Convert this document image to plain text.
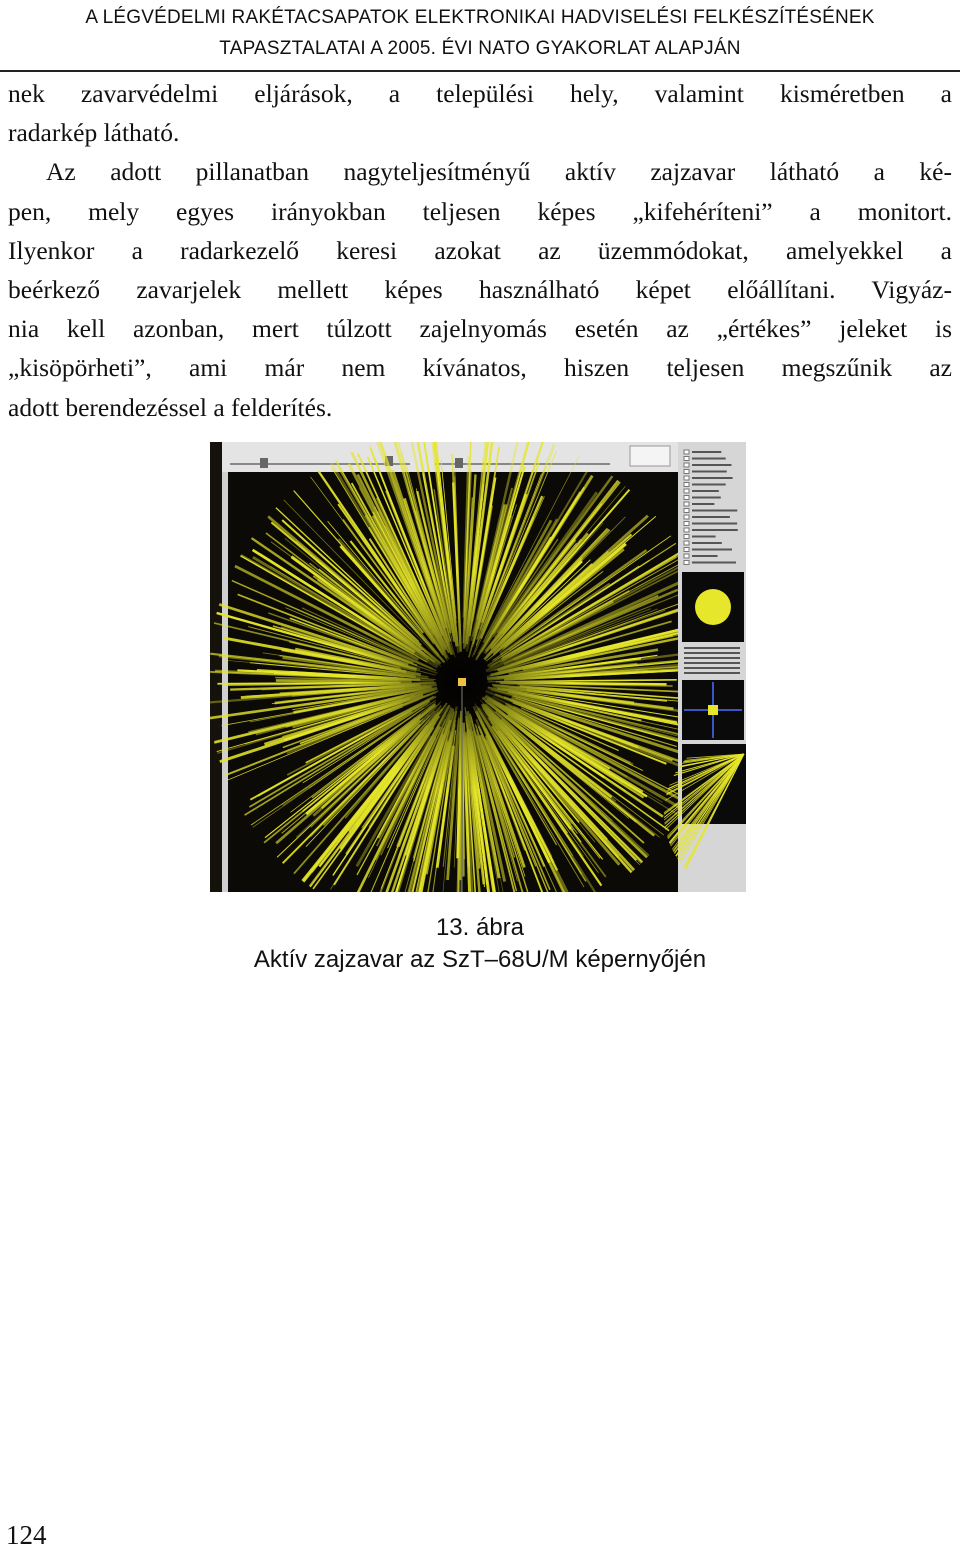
A LÉGVÉDELMI RAKÉTACSAPATOK ELEKTRONIKAI HADVISELÉSI FELKÉSZÍTÉSÉNEK
TAPASZTALATAI A 2005. ÉVI NATO GYAKORLAT ALAPJÁN
nek zavarvédelmi eljárások, a települési hely, valamint kisméretben a
radarkép látható.
Az adott pillanatban nagyteljesítményű aktív zajzavar látható a ké-
pen, mely egyes irányokban teljesen képes „kifehéríteni” a monitort.
Ilyenkor a radarkezelő keresi azokat az üzemmódokat, amelyekkel a
beérkező zavarjelek mellett képes használható képet előállítani. Vigyáz-
nia kell azonban, mert túlzott zajelnyomás esetén az „értékes” jeleket is
„kisöpörheti”, ami már nem kívánatos, hiszen teljesen megszűnik az
adott berendezéssel a felderítés.
13. ábra
Aktív zajzavar az SzT–68U/M képernyőjén
124
